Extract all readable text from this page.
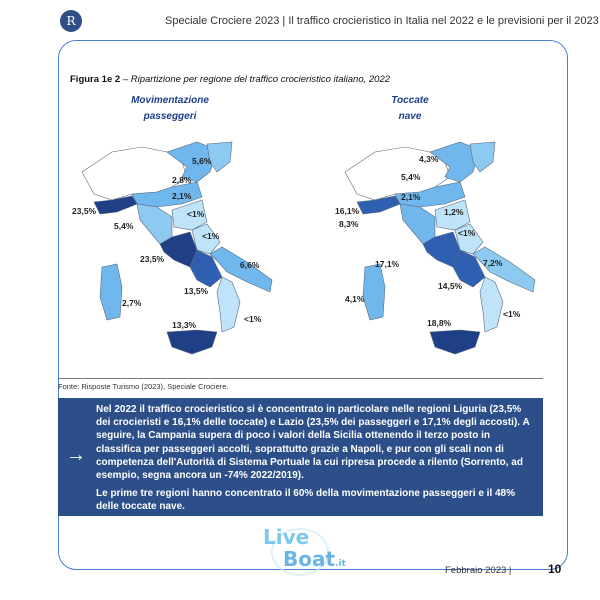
R	Speciale Crociere 2023 | Il traffico crocieristico in Italia nel 2022 e le previsioni per il 2023
Figura 1e 2 – Ripartizione per regione del traffico crocieristico italiano, 2022
Movimentazione
passeggeri
Toccate
nave
5,6%
2,8%
2,1%
<1%
23,5%
5,4%
<1%
23,5%
6,6%
13,5%
2,7%
<1%
13,3%
4,3%
5,4%
2,1%
1,2%
16,1%
8,3%
<1%
17,1%	7,2%
14,5%
4,1%
<1%
18,8%
Fonte: Risposte Turismo (2023), Speciale Crociere.
→

Nel 2022 il traffico crocieristico si è concentrato in particolare nelle regioni Liguria (23,5% dei crocieristi e 16,1% delle toccate) e Lazio (23,5% dei passeggeri e 17,1% degli accosti). A seguire, la Campania supera di poco i valori della Sicilia ottenendo il terzo posto in classifica per passeggeri accolti, soprattutto grazie a Napoli, e pur con gli scali non di competenza dell'Autorità di Sistema Portuale la cui ripresa procede a rilento (Sorrento, ad esempio, segna ancora un -74% 2022/2019).

Le prime tre regioni hanno concentrato il 60% della movimentazione passeggeri e il 48% delle toccate nave.

Live
Boat.it
Febbraio 2023 |	10
